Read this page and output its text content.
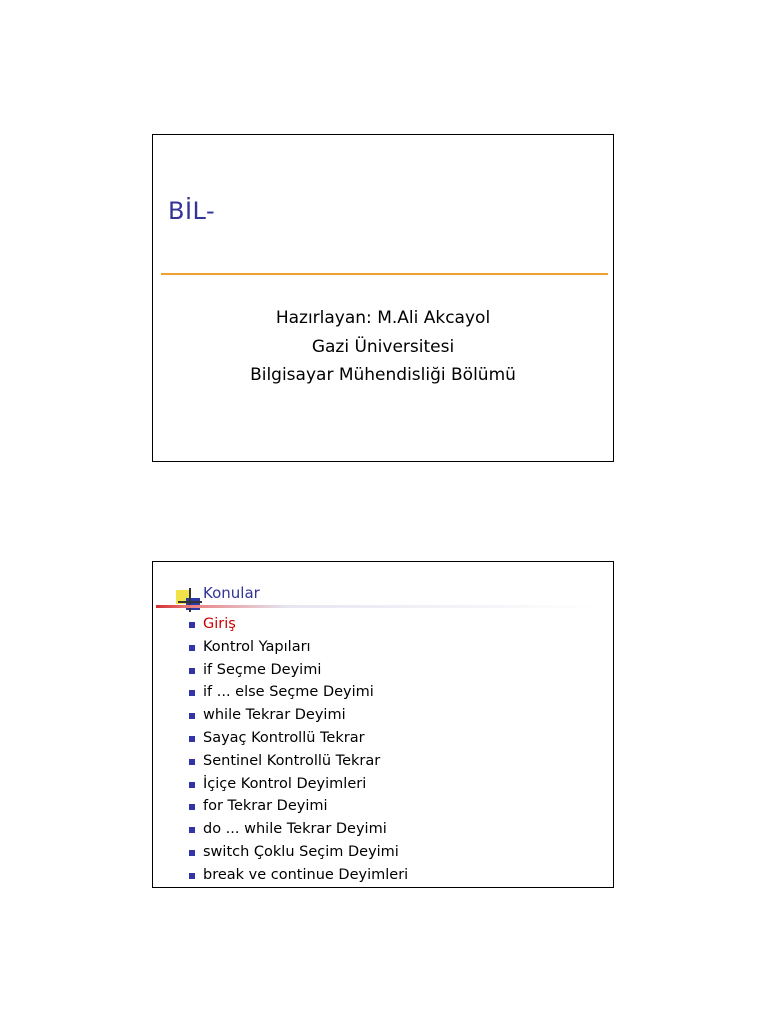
BİL-
Hazırlayan: M.Ali Akcayol
Gazi Üniversitesi
Bilgisayar Mühendisliği Bölümü
Konular
Giriş
Kontrol Yapıları
if Seçme Deyimi
if ... else Seçme Deyimi
while Tekrar Deyimi
Sayaç Kontrollü Tekrar
Sentinel Kontrollü Tekrar
İçiçe Kontrol Deyimleri
for Tekrar Deyimi
do ... while Tekrar Deyimi
switch Çoklu Seçim Deyimi
break ve continue Deyimleri
